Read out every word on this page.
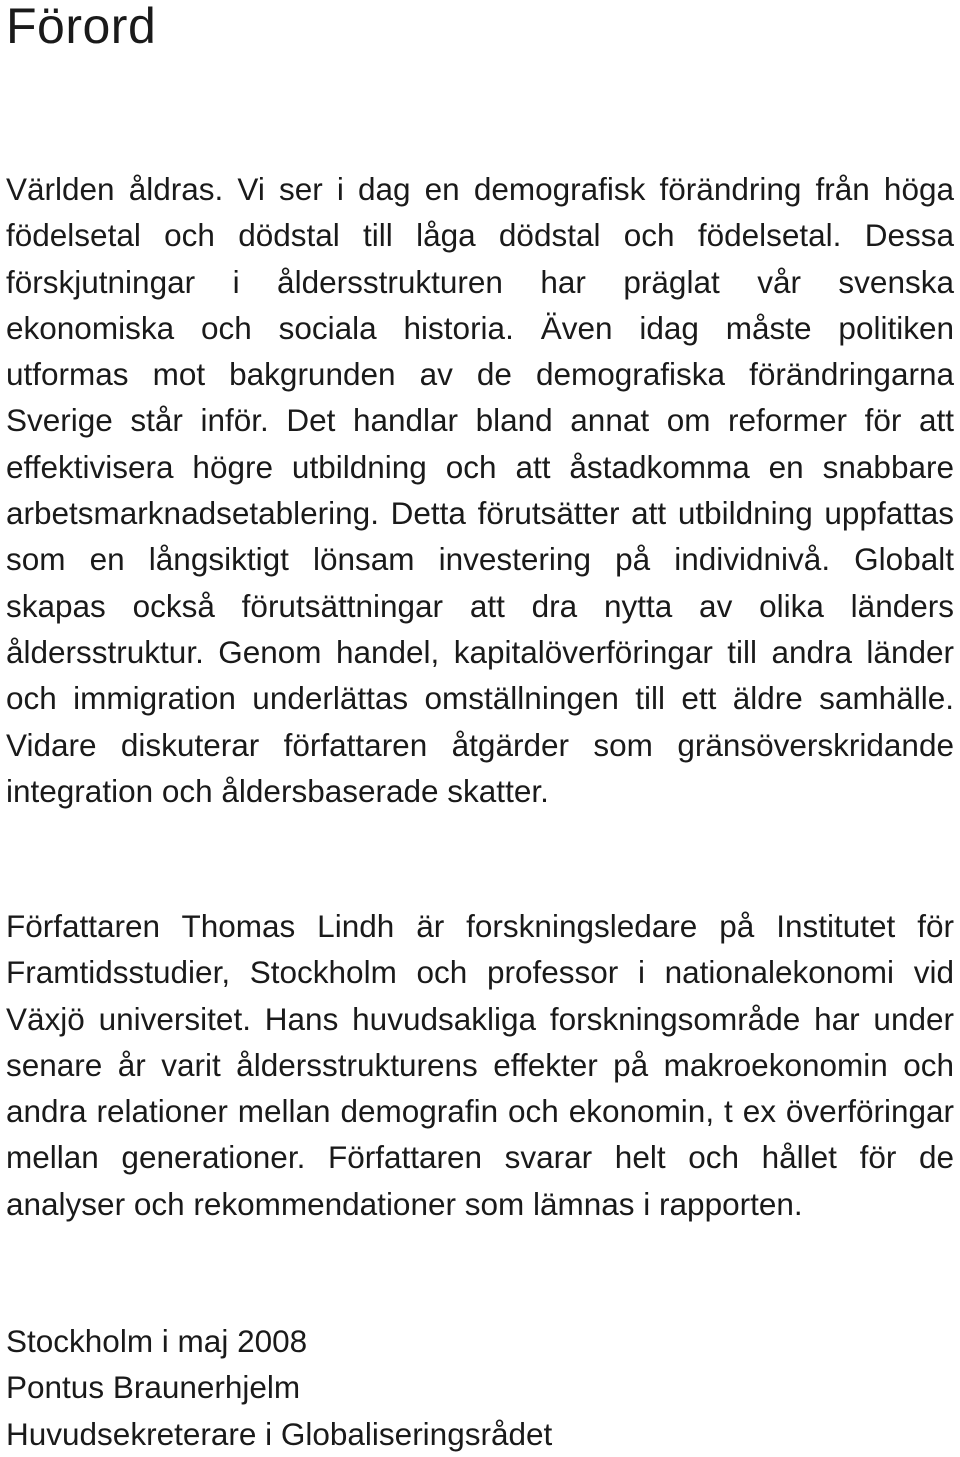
Förord

Världen åldras. Vi ser i dag en demografisk förändring från höga födelsetal och dödstal till låga dödstal och födelsetal. Dessa förskjutningar i åldersstrukturen har präglat vår svenska ekonomiska och sociala historia. Även idag måste politiken utformas mot bakgrunden av de demografiska förändringarna Sverige står inför. Det handlar bland annat om reformer för att effektivisera högre utbildning och att åstadkomma en snabbare arbetsmarknadsetablering. Detta förutsätter att utbildning uppfattas som en långsiktigt lönsam investering på individnivå. Globalt skapas också förutsättningar att dra nytta av olika länders åldersstruktur. Genom handel, kapitalöverföringar till andra länder och immigration underlättas omställningen till ett äldre samhälle. Vidare diskuterar författaren åtgärder som gränsöverskridande integration och åldersbaserade skatter.

Författaren Thomas Lindh är forskningsledare på Institutet för Framtidsstudier, Stockholm och professor i nationalekonomi vid Växjö universitet. Hans huvudsakliga forskningsområde har under senare år varit åldersstrukturens effekter på makroekonomin och andra relationer mellan demografin och ekonomin, t ex överföringar mellan generationer. Författaren svarar helt och hållet för de analyser och rekommendationer som lämnas i rapporten.

Stockholm i maj 2008
Pontus Braunerhjelm
Huvudsekreterare i Globaliseringsrådet
